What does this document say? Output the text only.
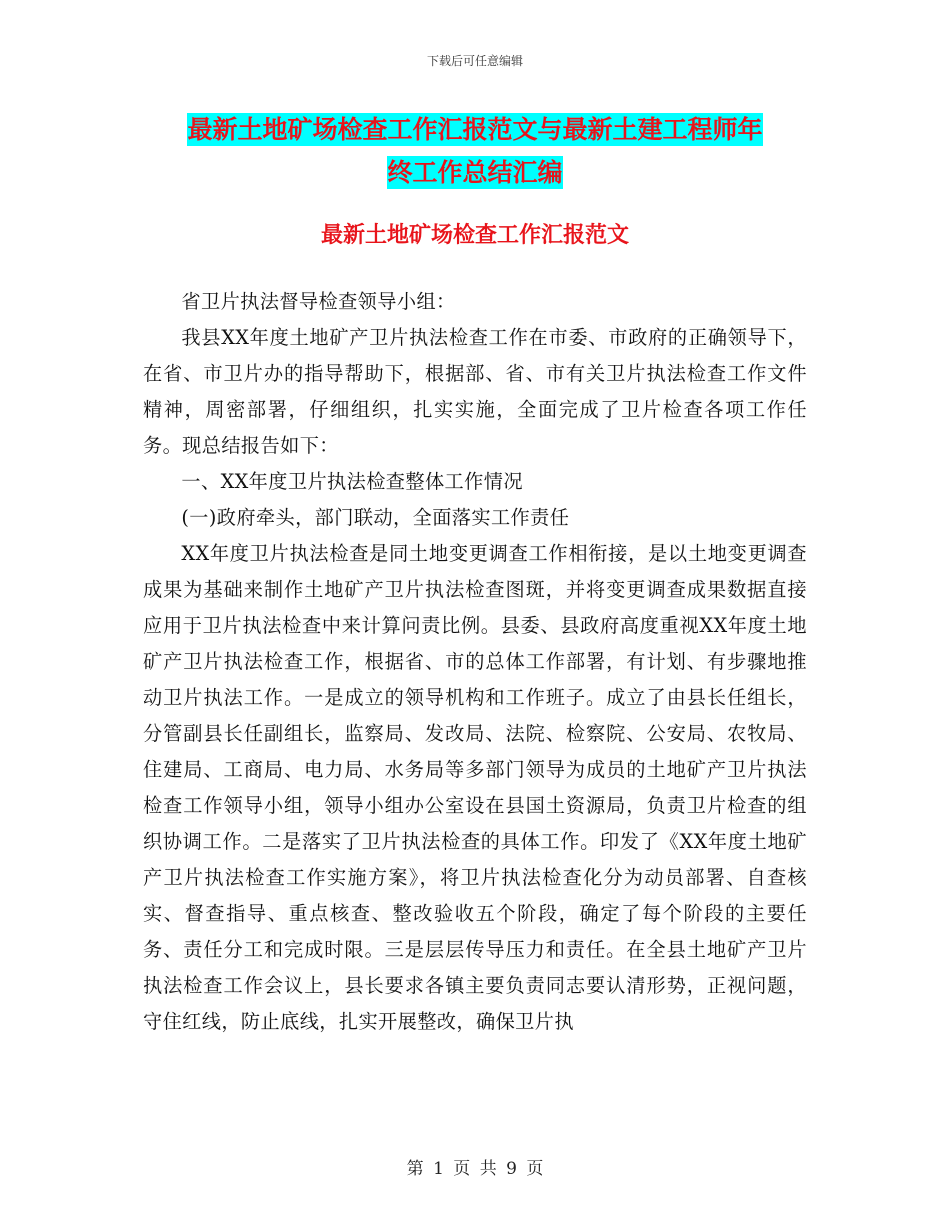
下载后可任意编辑
最新土地矿场检查工作汇报范文与最新土建工程师年
终工作总结汇编
最新土地矿场检查工作汇报范文

省卫片执法督导检查领导小组：

我县XX年度土地矿产卫片执法检查工作在市委、市政府的正确领导下，在省、市卫片办的指导帮助下，根据部、省、市有关卫片执法检查工作文件精神，周密部署，仔细组织，扎实实施，全面完成了卫片检查各项工作任务。现总结报告如下：

一、XX年度卫片执法检查整体工作情况

(一)政府牵头，部门联动，全面落实工作责任

XX年度卫片执法检查是同土地变更调查工作相衔接，是以土地变更调查成果为基础来制作土地矿产卫片执法检查图斑，并将变更调查成果数据直接应用于卫片执法检查中来计算问责比例。县委、县政府高度重视XX年度土地矿产卫片执法检查工作，根据省、市的总体工作部署，有计划、有步骤地推动卫片执法工作。一是成立的领导机构和工作班子。成立了由县长任组长，分管副县长任副组长，监察局、发改局、法院、检察院、公安局、农牧局、住建局、工商局、电力局、水务局等多部门领导为成员的土地矿产卫片执法检查工作领导小组，领导小组办公室设在县国土资源局，负责卫片检查的组织协调工作。二是落实了卫片执法检查的具体工作。印发了《XX年度土地矿产卫片执法检查工作实施方案》，将卫片执法检查化分为动员部署、自查核实、督查指导、重点核查、整改验收五个阶段，确定了每个阶段的主要任务、责任分工和完成时限。三是层层传导压力和责任。在全县土地矿产卫片执法检查工作会议上，县长要求各镇主要负责同志要认清形势，正视问题，守住红线，防止底线，扎实开展整改，确保卫片执

第 1 页 共 9 页
